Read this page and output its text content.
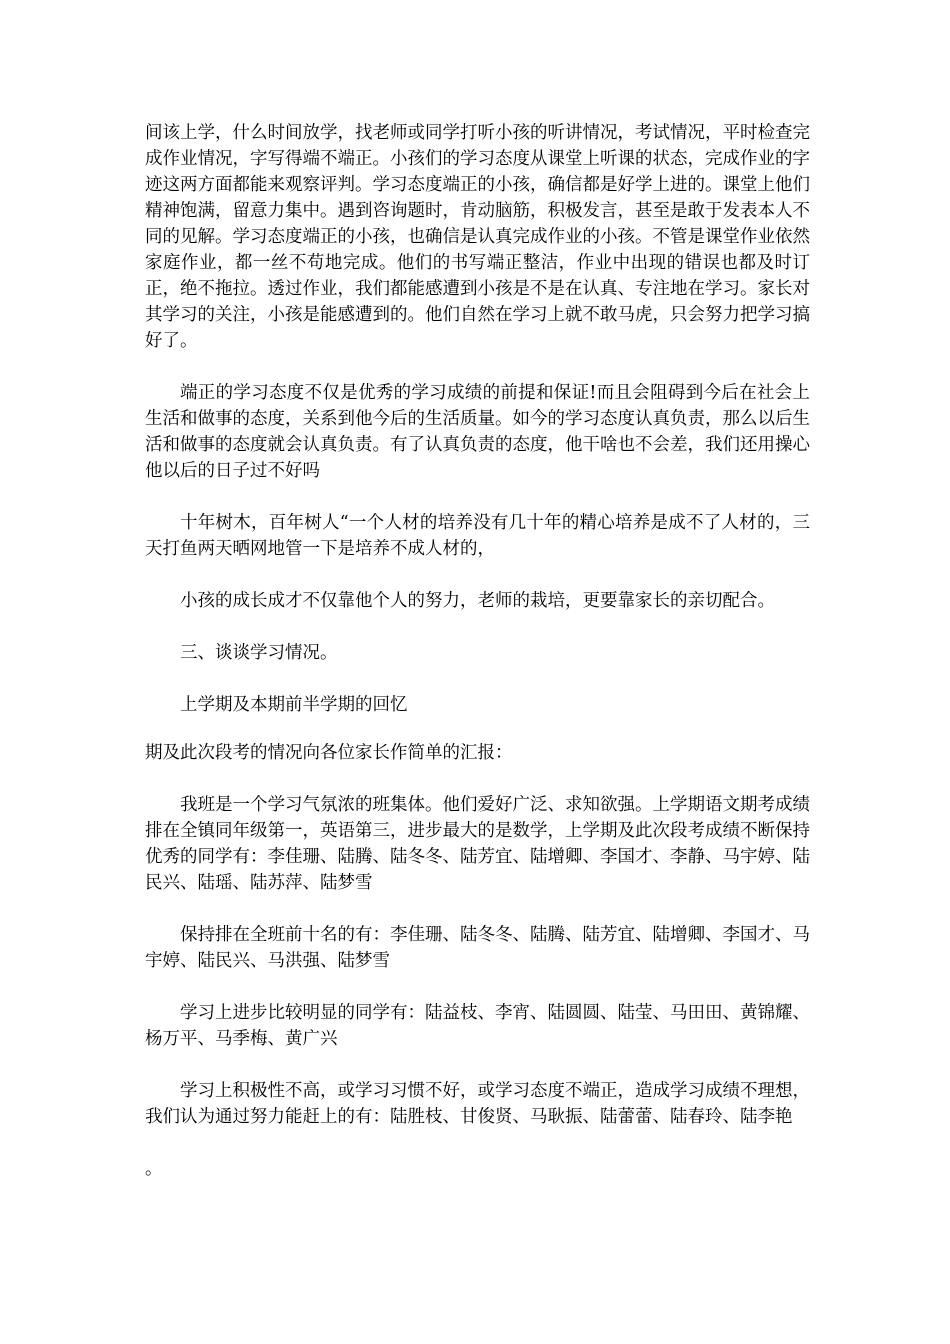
间该上学，什么时间放学，找老师或同学打听小孩的听讲情况，考试情况，平时检查完成作业情况，字写得端不端正。小孩们的学习态度从课堂上听课的状态，完成作业的字迹这两方面都能来观察评判。学习态度端正的小孩，确信都是好学上进的。课堂上他们精神饱满，留意力集中。遇到咨询题时，肯动脑筋，积极发言，甚至是敢于发表本人不同的见解。学习态度端正的小孩，也确信是认真完成作业的小孩。不管是课堂作业依然家庭作业，都一丝不苟地完成。他们的书写端正整洁，作业中出现的错误也都及时订正，绝不拖拉。透过作业，我们都能感遭到小孩是不是在认真、专注地在学习。家长对其学习的关注，小孩是能感遭到的。他们自然在学习上就不敢马虎，只会努力把学习搞好了。

端正的学习态度不仅是优秀的学习成绩的前提和保证!而且会阻碍到今后在社会上生活和做事的态度，关系到他今后的生活质量。如今的学习态度认真负责，那么以后生活和做事的态度就会认真负责。有了认真负责的态度，他干啥也不会差，我们还用操心他以后的日子过不好吗

十年树木，百年树人“一个人材的培养没有几十年的精心培养是成不了人材的，三天打鱼两天晒网地管一下是培养不成人材的，

小孩的成长成才不仅靠他个人的努力，老师的栽培，更要靠家长的亲切配合。

三、谈谈学习情况。

上学期及本期前半学期的回忆

期及此次段考的情况向各位家长作简单的汇报：

我班是一个学习气氛浓的班集体。他们爱好广泛、求知欲强。上学期语文期考成绩排在全镇同年级第一，英语第三，进步最大的是数学，上学期及此次段考成绩不断保持优秀的同学有：李佳珊、陆腾、陆冬冬、陆芳宜、陆增卿、李国才、李静、马宇婷、陆民兴、陆瑶、陆苏萍、陆梦雪

保持排在全班前十名的有：李佳珊、陆冬冬、陆腾、陆芳宜、陆增卿、李国才、马宇婷、陆民兴、马洪强、陆梦雪

学习上进步比较明显的同学有：陆益枝、李宵、陆圆圆、陆莹、马田田、黄锦耀、杨万平、马季梅、黄广兴

学习上积极性不高，或学习习惯不好，或学习态度不端正，造成学习成绩不理想，我们认为通过努力能赶上的有：陆胜枝、甘俊贤、马耿振、陆蕾蕾、陆春玲、陆李艳

。
